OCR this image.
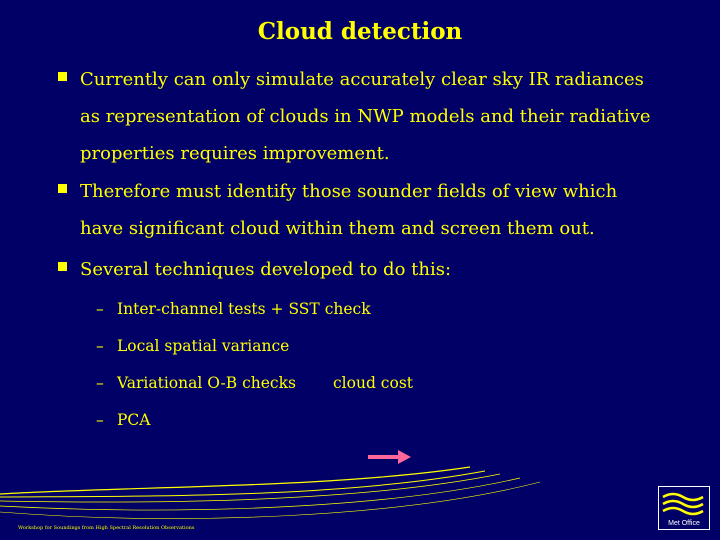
Cloud detection
Currently can only simulate accurately clear sky IR radiances as representation of clouds in NWP models and their radiative properties requires improvement.
Therefore must identify those sounder fields of view which have significant cloud within them and screen them out.
Several techniques developed to do this:
– Inter-channel tests + SST check
– Local spatial variance
– Variational O-B checks cloud cost
– PCA
Workshop for Soundings from High Spectral Resolution Observations
Met Office
